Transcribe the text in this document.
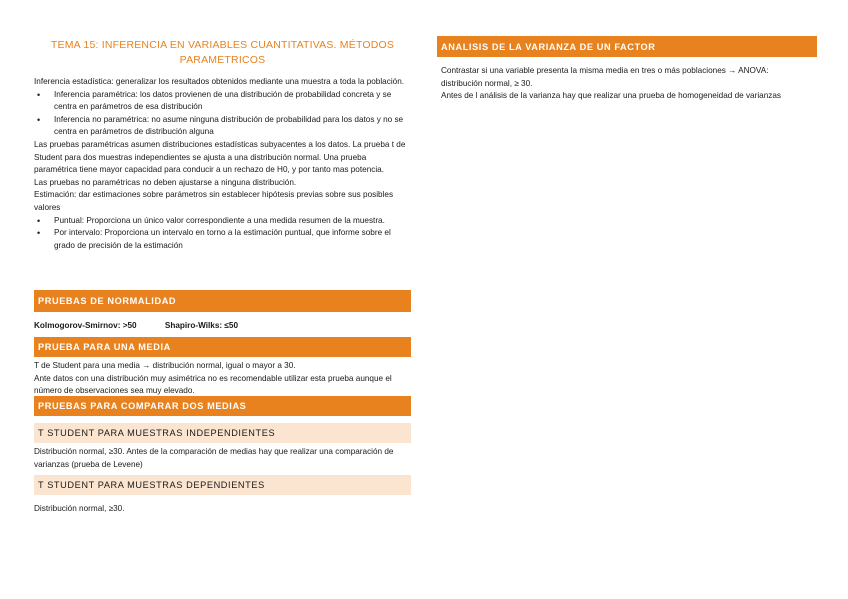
TEMA 15: INFERENCIA EN VARIABLES CUANTITATIVAS. MÉTODOS PARAMETRICOS

Inferencia estadística: generalizar los resultados obtenidos mediante una muestra a toda la población.

• Inferencia paramétrica: los datos provienen de una distribución de probabilidad concreta y se centra en parámetros de esa distribución
• Inferencia no paramétrica: no asume ninguna distribución de probabilidad para los datos y no se centra en parámetros de distribución alguna

Las pruebas paramétricas asumen distribuciones estadísticas subyacentes a los datos. La prueba t de Student para dos muestras independientes se ajusta a una distribución normal. Una prueba paramétrica tiene mayor capacidad para conducir a un rechazo de H0, y por tanto mas potencia.

Las pruebas no paramétricas no deben ajustarse a ninguna distribución.

Estimación: dar estimaciones sobre parámetros sin establecer hipótesis previas sobre sus posibles valores

• Puntual: Proporciona un único valor correspondiente a una medida resumen de la muestra.
• Por intervalo: Proporciona un intervalo en torno a la estimación puntual, que informe sobre el grado de precisión de la estimación
PRUEBAS DE NORMALIDAD
Kolmogorov-Smirnov: >50	Shapiro-Wilks: ≤50
PRUEBA PARA UNA MEDIA

T de Student para una media → distribución normal, igual o mayor a 30.

Ante datos con una distribución muy asimétrica no es recomendable utilizar esta prueba aunque el número de observaciones sea muy elevado.

PRUEBAS PARA COMPARAR DOS MEDIAS
T STUDENT PARA MUESTRAS INDEPENDIENTES
Distribución normal, ≥30. Antes de la comparación de medias hay que realizar una comparación de varianzas (prueba de Levene)
T STUDENT PARA MUESTRAS DEPENDIENTES
Distribución normal, ≥30.
ANALISIS DE LA VARIANZA DE UN FACTOR

Contrastar si una variable presenta la misma media en tres o más poblaciones → ANOVA: distribución normal, ≥ 30.

Antes de l análisis de la varianza hay que realizar una prueba de homogeneidad de varianzas
